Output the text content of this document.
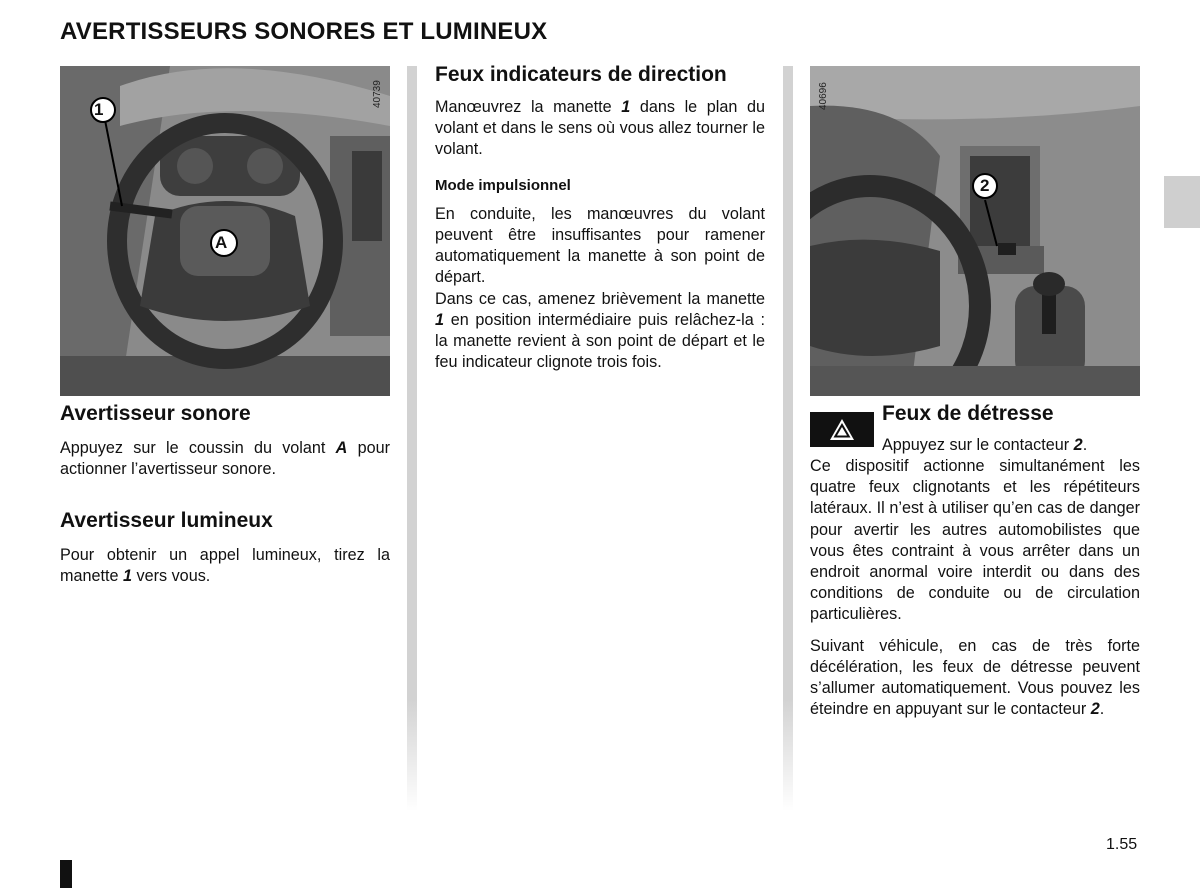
AVERTISSEURS SONORES ET LUMINEUX
1
A
40739
2
40696
Avertisseur sonore

Appuyez sur le coussin du volant A pour actionner l’avertisseur sonore.

Avertisseur lumineux

Pour obtenir un appel lumineux, tirez la manette 1 vers vous.

Feux indicateurs de direction

Manœuvrez la manette 1 dans le plan du volant et dans le sens où vous allez tourner le volant.

Mode impulsionnel

En conduite, les manœuvres du volant peuvent être insuffisantes pour ramener automatiquement la manette à son point de départ.

Dans ce cas, amenez brièvement la manette 1 en position intermédiaire puis relâchez-la : la manette revient à son point de départ et le feu indicateur clignote trois fois.

Feux de détresse

Appuyez sur le contacteur 2.

Ce dispositif actionne simultanément les quatre feux clignotants et les répétiteurs latéraux. Il n’est à utiliser qu’en cas de danger pour avertir les autres automobilistes que vous êtes contraint à vous arrêter dans un endroit anormal voire interdit ou dans des conditions de conduite ou de circulation particulières.

Suivant véhicule, en cas de très forte décélération, les feux de détresse peuvent s’allumer automatiquement. Vous pouvez les éteindre en appuyant sur le contacteur 2.

1.55
